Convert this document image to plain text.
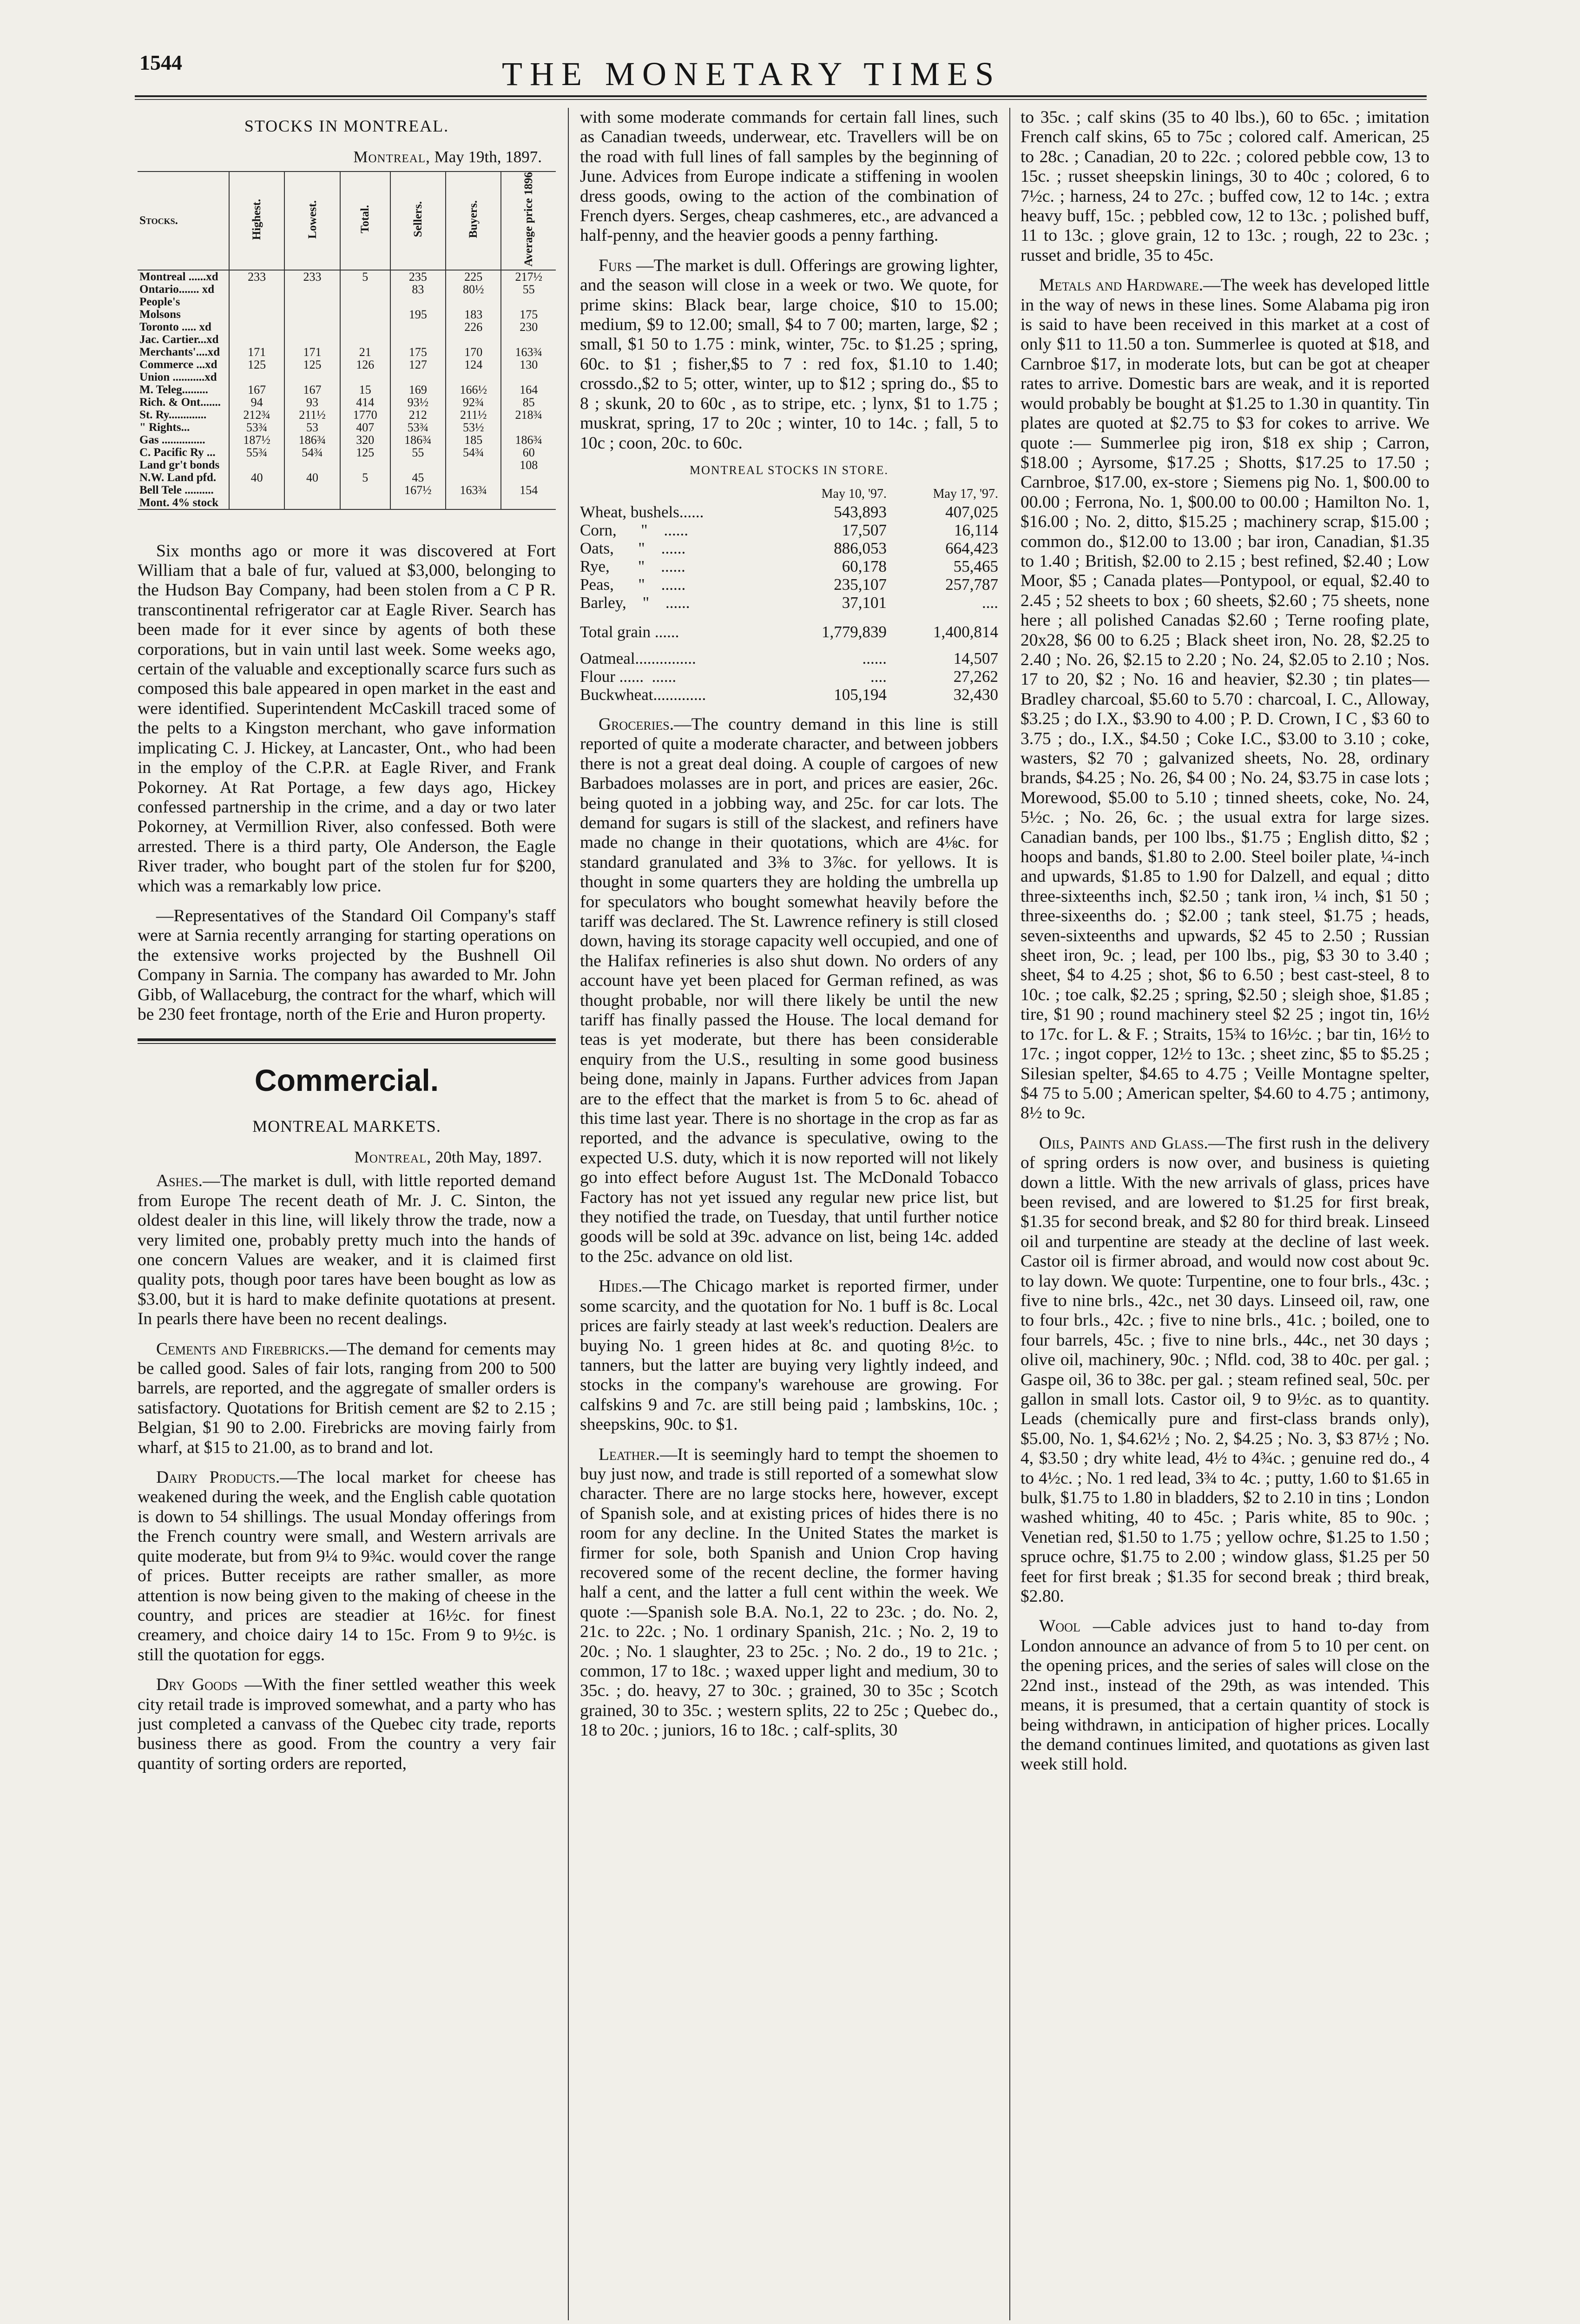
1544	THE MONETARY TIMES
STOCKS IN MONTREAL.
Montreal, May 19th, 1897.
Stocks.	Highest.	Lowest.	Total.	Sellers.	Buyers.	Average price 1896
Montreal ......xd	233	233	5	235	225	217½
Ontario....... xd				83	80½	55
People's						
Molsons				195	183	175
Toronto ..... xd					226	230
Jac. Cartier...xd						
Merchants'....xd	171	171	21	175	170	163¾
Commerce ...xd	125	125	126	127	124	130
Union ...........xd						
M. Teleg.........	167	167	15	169	166½	164
Rich. & Ont.......	94	93	414	93½	92¾	85
St. Ry.............	212¾	211½	1770	212	211½	218¾
" Rights...	53¾	53	407	53¾	53½	
Gas ...............	187½	186¾	320	186¾	185	186¾
C. Pacific Ry ...	55¾	54¾	125	55	54¾	60
Land gr't bonds						108
N.W. Land pfd.	40	40	5	45		
Bell Tele ..........				167½	163¾	154
Mont. 4% stock						

Six months ago or more it was discovered at Fort William that a bale of fur, valued at $3,000, belonging to the Hudson Bay Company, had been stolen from a C P R. transcontinental refrigerator car at Eagle River. Search has been made for it ever since by agents of both these corporations, but in vain until last week. Some weeks ago, certain of the valuable and exceptionally scarce furs such as composed this bale appeared in open market in the east and were identified. Superintendent McCaskill traced some of the pelts to a Kingston merchant, who gave information implicating C. J. Hickey, at Lancaster, Ont., who had been in the employ of the C.P.R. at Eagle River, and Frank Pokorney. At Rat Portage, a few days ago, Hickey confessed partnership in the crime, and a day or two later Pokorney, at Vermillion River, also confessed. Both were arrested. There is a third party, Ole Anderson, the Eagle River trader, who bought part of the stolen fur for $200, which was a remarkably low price.

—Representatives of the Standard Oil Company's staff were at Sarnia recently arranging for starting operations on the extensive works projected by the Bushnell Oil Company in Sarnia. The company has awarded to Mr. John Gibb, of Wallaceburg, the contract for the wharf, which will be 230 feet frontage, north of the Erie and Huron property.

Commercial.
MONTREAL MARKETS.
Montreal, 20th May, 1897.

Ashes.—The market is dull, with little reported demand from Europe The recent death of Mr. J. C. Sinton, the oldest dealer in this line, will likely throw the trade, now a very limited one, probably pretty much into the hands of one concern Values are weaker, and it is claimed first quality pots, though poor tares have been bought as low as $3.00, but it is hard to make definite quotations at present. In pearls there have been no recent dealings.

Cements and Firebricks.—The demand for cements may be called good. Sales of fair lots, ranging from 200 to 500 barrels, are reported, and the aggregate of smaller orders is satisfactory. Quotations for British cement are $2 to 2.15 ; Belgian, $1 90 to 2.00. Firebricks are moving fairly from wharf, at $15 to 21.00, as to brand and lot.

Dairy Products.—The local market for cheese has weakened during the week, and the English cable quotation is down to 54 shillings. The usual Monday offerings from the French country were small, and Western arrivals are quite moderate, but from 9¼ to 9¾c. would cover the range of prices. Butter receipts are rather smaller, as more attention is now being given to the making of cheese in the country, and prices are steadier at 16½c. for finest creamery, and choice dairy 14 to 15c. From 9 to 9½c. is still the quotation for eggs.

Dry Goods —With the finer settled weather this week city retail trade is improved somewhat, and a party who has just completed a canvass of the Quebec city trade, reports business there as good. From the country a very fair quantity of sorting orders are reported,

with some moderate commands for certain fall lines, such as Canadian tweeds, underwear, etc. Travellers will be on the road with full lines of fall samples by the beginning of June. Advices from Europe indicate a stiffening in woolen dress goods, owing to the action of the combination of French dyers. Serges, cheap cashmeres, etc., are advanced a half-penny, and the heavier goods a penny farthing.

Furs —The market is dull. Offerings are growing lighter, and the season will close in a week or two. We quote, for prime skins: Black bear, large choice, $10 to 15.00; medium, $9 to 12.00; small, $4 to 7 00; marten, large, $2 ; small, $1 50 to 1.75 : mink, winter, 75c. to $1.25 ; spring, 60c. to $1 ; fisher,$5 to 7 : red fox, $1.10 to 1.40; crossdo.,$2 to 5; otter, winter, up to $12 ; spring do., $5 to 8 ; skunk, 20 to 60c , as to stripe, etc. ; lynx, $1 to 1.75 ; muskrat, spring, 17 to 20c ; winter, 10 to 14c. ; fall, 5 to 10c ; coon, 20c. to 60c.

MONTREAL STOCKS IN STORE.
	May 10, '97.	May 17, '97.
Wheat, bushels......	543,893	407,025
Corn,      "    ......	17,507	16,114
Oats,      "    ......	886,053	664,423
Rye,       "    ......	60,178	55,465
Peas,      "    ......	235,107	257,787
Barley,    "    ......	37,101	....
Total grain ......	1,779,839	1,400,814
Oatmeal...............	......	14,507
Flour ......  ......	....	27,262
Buckwheat.............	105,194	32,430

Groceries.—The country demand in this line is still reported of quite a moderate character, and between jobbers there is not a great deal doing. A couple of cargoes of new Barbadoes molasses are in port, and prices are easier, 26c. being quoted in a jobbing way, and 25c. for car lots. The demand for sugars is still of the slackest, and refiners have made no change in their quotations, which are 4⅛c. for standard granulated and 3⅜ to 3⅞c. for yellows. It is thought in some quarters they are holding the umbrella up for speculators who bought somewhat heavily before the tariff was declared. The St. Lawrence refinery is still closed down, having its storage capacity well occupied, and one of the Halifax refineries is also shut down. No orders of any account have yet been placed for German refined, as was thought probable, nor will there likely be until the new tariff has finally passed the House. The local demand for teas is yet moderate, but there has been considerable enquiry from the U.S., resulting in some good business being done, mainly in Japans. Further advices from Japan are to the effect that the market is from 5 to 6c. ahead of this time last year. There is no shortage in the crop as far as reported, and the advance is speculative, owing to the expected U.S. duty, which it is now reported will not likely go into effect before August 1st. The McDonald Tobacco Factory has not yet issued any regular new price list, but they notified the trade, on Tuesday, that until further notice goods will be sold at 39c. advance on list, being 14c. added to the 25c. advance on old list.

Hides.—The Chicago market is reported firmer, under some scarcity, and the quotation for No. 1 buff is 8c. Local prices are fairly steady at last week's reduction. Dealers are buying No. 1 green hides at 8c. and quoting 8½c. to tanners, but the latter are buying very lightly indeed, and stocks in the company's warehouse are growing. For calfskins 9 and 7c. are still being paid ; lambskins, 10c. ; sheepskins, 90c. to $1.

Leather.—It is seemingly hard to tempt the shoemen to buy just now, and trade is still reported of a somewhat slow character. There are no large stocks here, however, except of Spanish sole, and at existing prices of hides there is no room for any decline. In the United States the market is firmer for sole, both Spanish and Union Crop having recovered some of the recent decline, the former having half a cent, and the latter a full cent within the week. We quote :—Spanish sole B.A. No.1, 22 to 23c. ; do. No. 2, 21c. to 22c. ; No. 1 ordinary Spanish, 21c. ; No. 2, 19 to 20c. ; No. 1 slaughter, 23 to 25c. ; No. 2 do., 19 to 21c. ; common, 17 to 18c. ; waxed upper light and medium, 30 to 35c. ; do. heavy, 27 to 30c. ; grained, 30 to 35c ; Scotch grained, 30 to 35c. ; western splits, 22 to 25c ; Quebec do., 18 to 20c. ; juniors, 16 to 18c. ; calf-splits, 30

to 35c. ; calf skins (35 to 40 lbs.), 60 to 65c. ; imitation French calf skins, 65 to 75c ; colored calf. American, 25 to 28c. ; Canadian, 20 to 22c. ; colored pebble cow, 13 to 15c. ; russet sheepskin linings, 30 to 40c ; colored, 6 to 7½c. ; harness, 24 to 27c. ; buffed cow, 12 to 14c. ; extra heavy buff, 15c. ; pebbled cow, 12 to 13c. ; polished buff, 11 to 13c. ; glove grain, 12 to 13c. ; rough, 22 to 23c. ; russet and bridle, 35 to 45c.

Metals and Hardware.—The week has developed little in the way of news in these lines. Some Alabama pig iron is said to have been received in this market at a cost of only $11 to 11.50 a ton. Summerlee is quoted at $18, and Carnbroe $17, in moderate lots, but can be got at cheaper rates to arrive. Domestic bars are weak, and it is reported would probably be bought at $1.25 to 1.30 in quantity. Tin plates are quoted at $2.75 to $3 for cokes to arrive. We quote :— Summerlee pig iron, $18 ex ship ; Carron, $18.00 ; Ayrsome, $17.25 ; Shotts, $17.25 to 17.50 ; Carnbroe, $17.00, ex-store ; Siemens pig No. 1, $00.00 to 00.00 ; Ferrona, No. 1, $00.00 to 00.00 ; Hamilton No. 1, $16.00 ; No. 2, ditto, $15.25 ; machinery scrap, $15.00 ; common do., $12.00 to 13.00 ; bar iron, Canadian, $1.35 to 1.40 ; British, $2.00 to 2.15 ; best refined, $2.40 ; Low Moor, $5 ; Canada plates—Pontypool, or equal, $2.40 to 2.45 ; 52 sheets to box ; 60 sheets, $2.60 ; 75 sheets, none here ; all polished Canadas $2.60 ; Terne roofing plate, 20x28, $6 00 to 6.25 ; Black sheet iron, No. 28, $2.25 to 2.40 ; No. 26, $2.15 to 2.20 ; No. 24, $2.05 to 2.10 ; Nos. 17 to 20, $2 ; No. 16 and heavier, $2.30 ; tin plates—Bradley charcoal, $5.60 to 5.70 : charcoal, I. C., Alloway, $3.25 ; do I.X., $3.90 to 4.00 ; P. D. Crown, I C , $3 60 to 3.75 ; do., I.X., $4.50 ; Coke I.C., $3.00 to 3.10 ; coke, wasters, $2 70 ; galvanized sheets, No. 28, ordinary brands, $4.25 ; No. 26, $4 00 ; No. 24, $3.75 in case lots ; Morewood, $5.00 to 5.10 ; tinned sheets, coke, No. 24, 5½c. ; No. 26, 6c. ; the usual extra for large sizes. Canadian bands, per 100 lbs., $1.75 ; English ditto, $2 ; hoops and bands, $1.80 to 2.00. Steel boiler plate, ¼-inch and upwards, $1.85 to 1.90 for Dalzell, and equal ; ditto three-sixteenths inch, $2.50 ; tank iron, ¼ inch, $1 50 ; three-sixeenths do. ; $2.00 ; tank steel, $1.75 ; heads, seven-sixteenths and upwards, $2 45 to 2.50 ; Russian sheet iron, 9c. ; lead, per 100 lbs., pig, $3 30 to 3.40 ; sheet, $4 to 4.25 ; shot, $6 to 6.50 ; best cast-steel, 8 to 10c. ; toe calk, $2.25 ; spring, $2.50 ; sleigh shoe, $1.85 ; tire, $1 90 ; round machinery steel $2 25 ; ingot tin, 16½ to 17c. for L. & F. ; Straits, 15¾ to 16½c. ; bar tin, 16½ to 17c. ; ingot copper, 12½ to 13c. ; sheet zinc, $5 to $5.25 ; Silesian spelter, $4.65 to 4.75 ; Veille Montagne spelter, $4 75 to 5.00 ; American spelter, $4.60 to 4.75 ; antimony, 8½ to 9c.

Oils, Paints and Glass.—The first rush in the delivery of spring orders is now over, and business is quieting down a little. With the new arrivals of glass, prices have been revised, and are lowered to $1.25 for first break, $1.35 for second break, and $2 80 for third break. Linseed oil and turpentine are steady at the decline of last week. Castor oil is firmer abroad, and would now cost about 9c. to lay down. We quote: Turpentine, one to four brls., 43c. ; five to nine brls., 42c., net 30 days. Linseed oil, raw, one to four brls., 42c. ; five to nine brls., 41c. ; boiled, one to four barrels, 45c. ; five to nine brls., 44c., net 30 days ; olive oil, machinery, 90c. ; Nfld. cod, 38 to 40c. per gal. ; Gaspe oil, 36 to 38c. per gal. ; steam refined seal, 50c. per gallon in small lots. Castor oil, 9 to 9½c. as to quantity. Leads (chemically pure and first-class brands only), $5.00, No. 1, $4.62½ ; No. 2, $4.25 ; No. 3, $3 87½ ; No. 4, $3.50 ; dry white lead, 4½ to 4¾c. ; genuine red do., 4 to 4½c. ; No. 1 red lead, 3¾ to 4c. ; putty, 1.60 to $1.65 in bulk, $1.75 to 1.80 in bladders, $2 to 2.10 in tins ; London washed whiting, 40 to 45c. ; Paris white, 85 to 90c. ; Venetian red, $1.50 to 1.75 ; yellow ochre, $1.25 to 1.50 ; spruce ochre, $1.75 to 2.00 ; window glass, $1.25 per 50 feet for first break ; $1.35 for second break ; third break, $2.80.

Wool —Cable advices just to hand to-day from London announce an advance of from 5 to 10 per cent. on the opening prices, and the series of sales will close on the 22nd inst., instead of the 29th, as was intended. This means, it is presumed, that a certain quantity of stock is being withdrawn, in anticipation of higher prices. Locally the demand continues limited, and quotations as given last week still hold.
